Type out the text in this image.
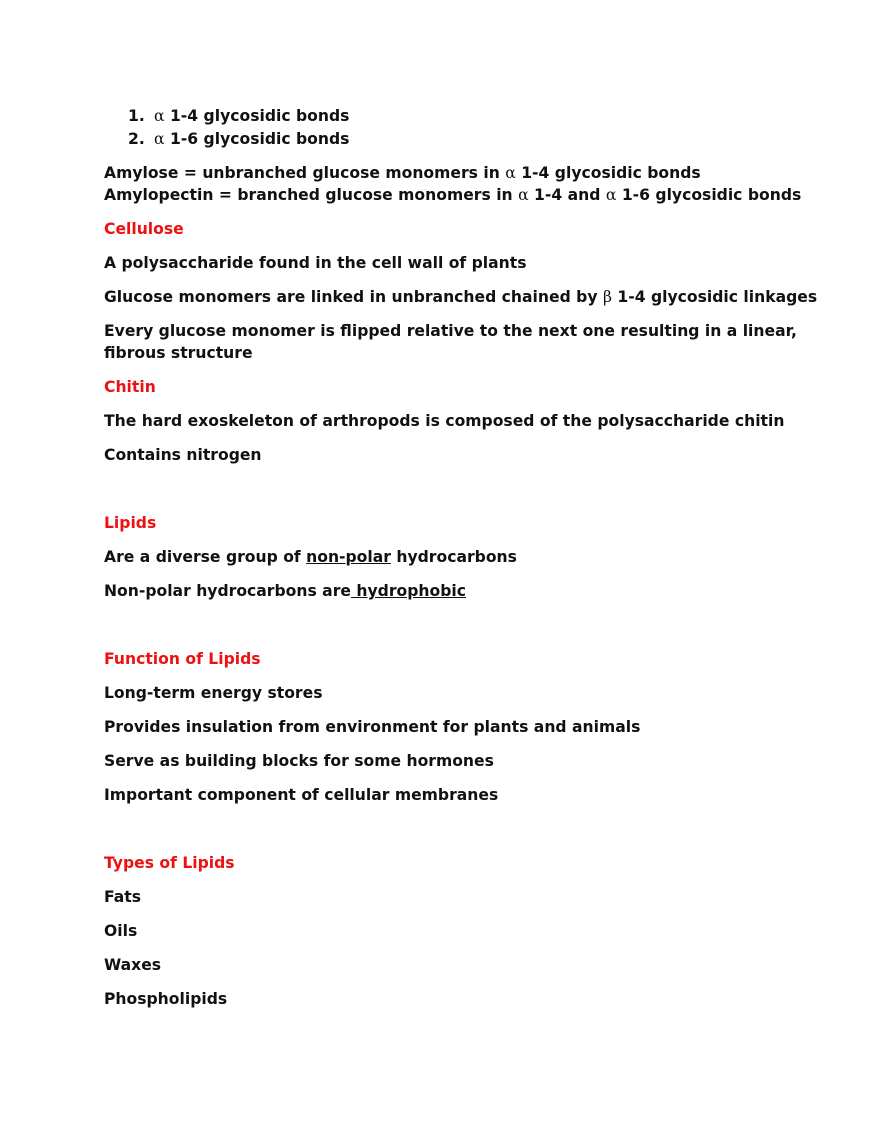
1. α 1-4 glycosidic bonds
2. α 1-6 glycosidic bonds
Amylose = unbranched glucose monomers in α 1-4 glycosidic bonds
Amylopectin = branched glucose monomers in α 1-4 and α 1-6 glycosidic bonds
Cellulose
A polysaccharide found in the cell wall of plants
Glucose monomers are linked in unbranched chained by β 1-4 glycosidic linkages
Every glucose monomer is flipped relative to the next one resulting in a linear,
fibrous structure
Chitin
The hard exoskeleton of arthropods is composed of the polysaccharide chitin
Contains nitrogen
Lipids
Are a diverse group of non-polar hydrocarbons
Non-polar hydrocarbons are hydrophobic
Function of Lipids
Long-term energy stores
Provides insulation from environment for plants and animals
Serve as building blocks for some hormones
Important component of cellular membranes
Types of Lipids
Fats
Oils
Waxes
Phospholipids
